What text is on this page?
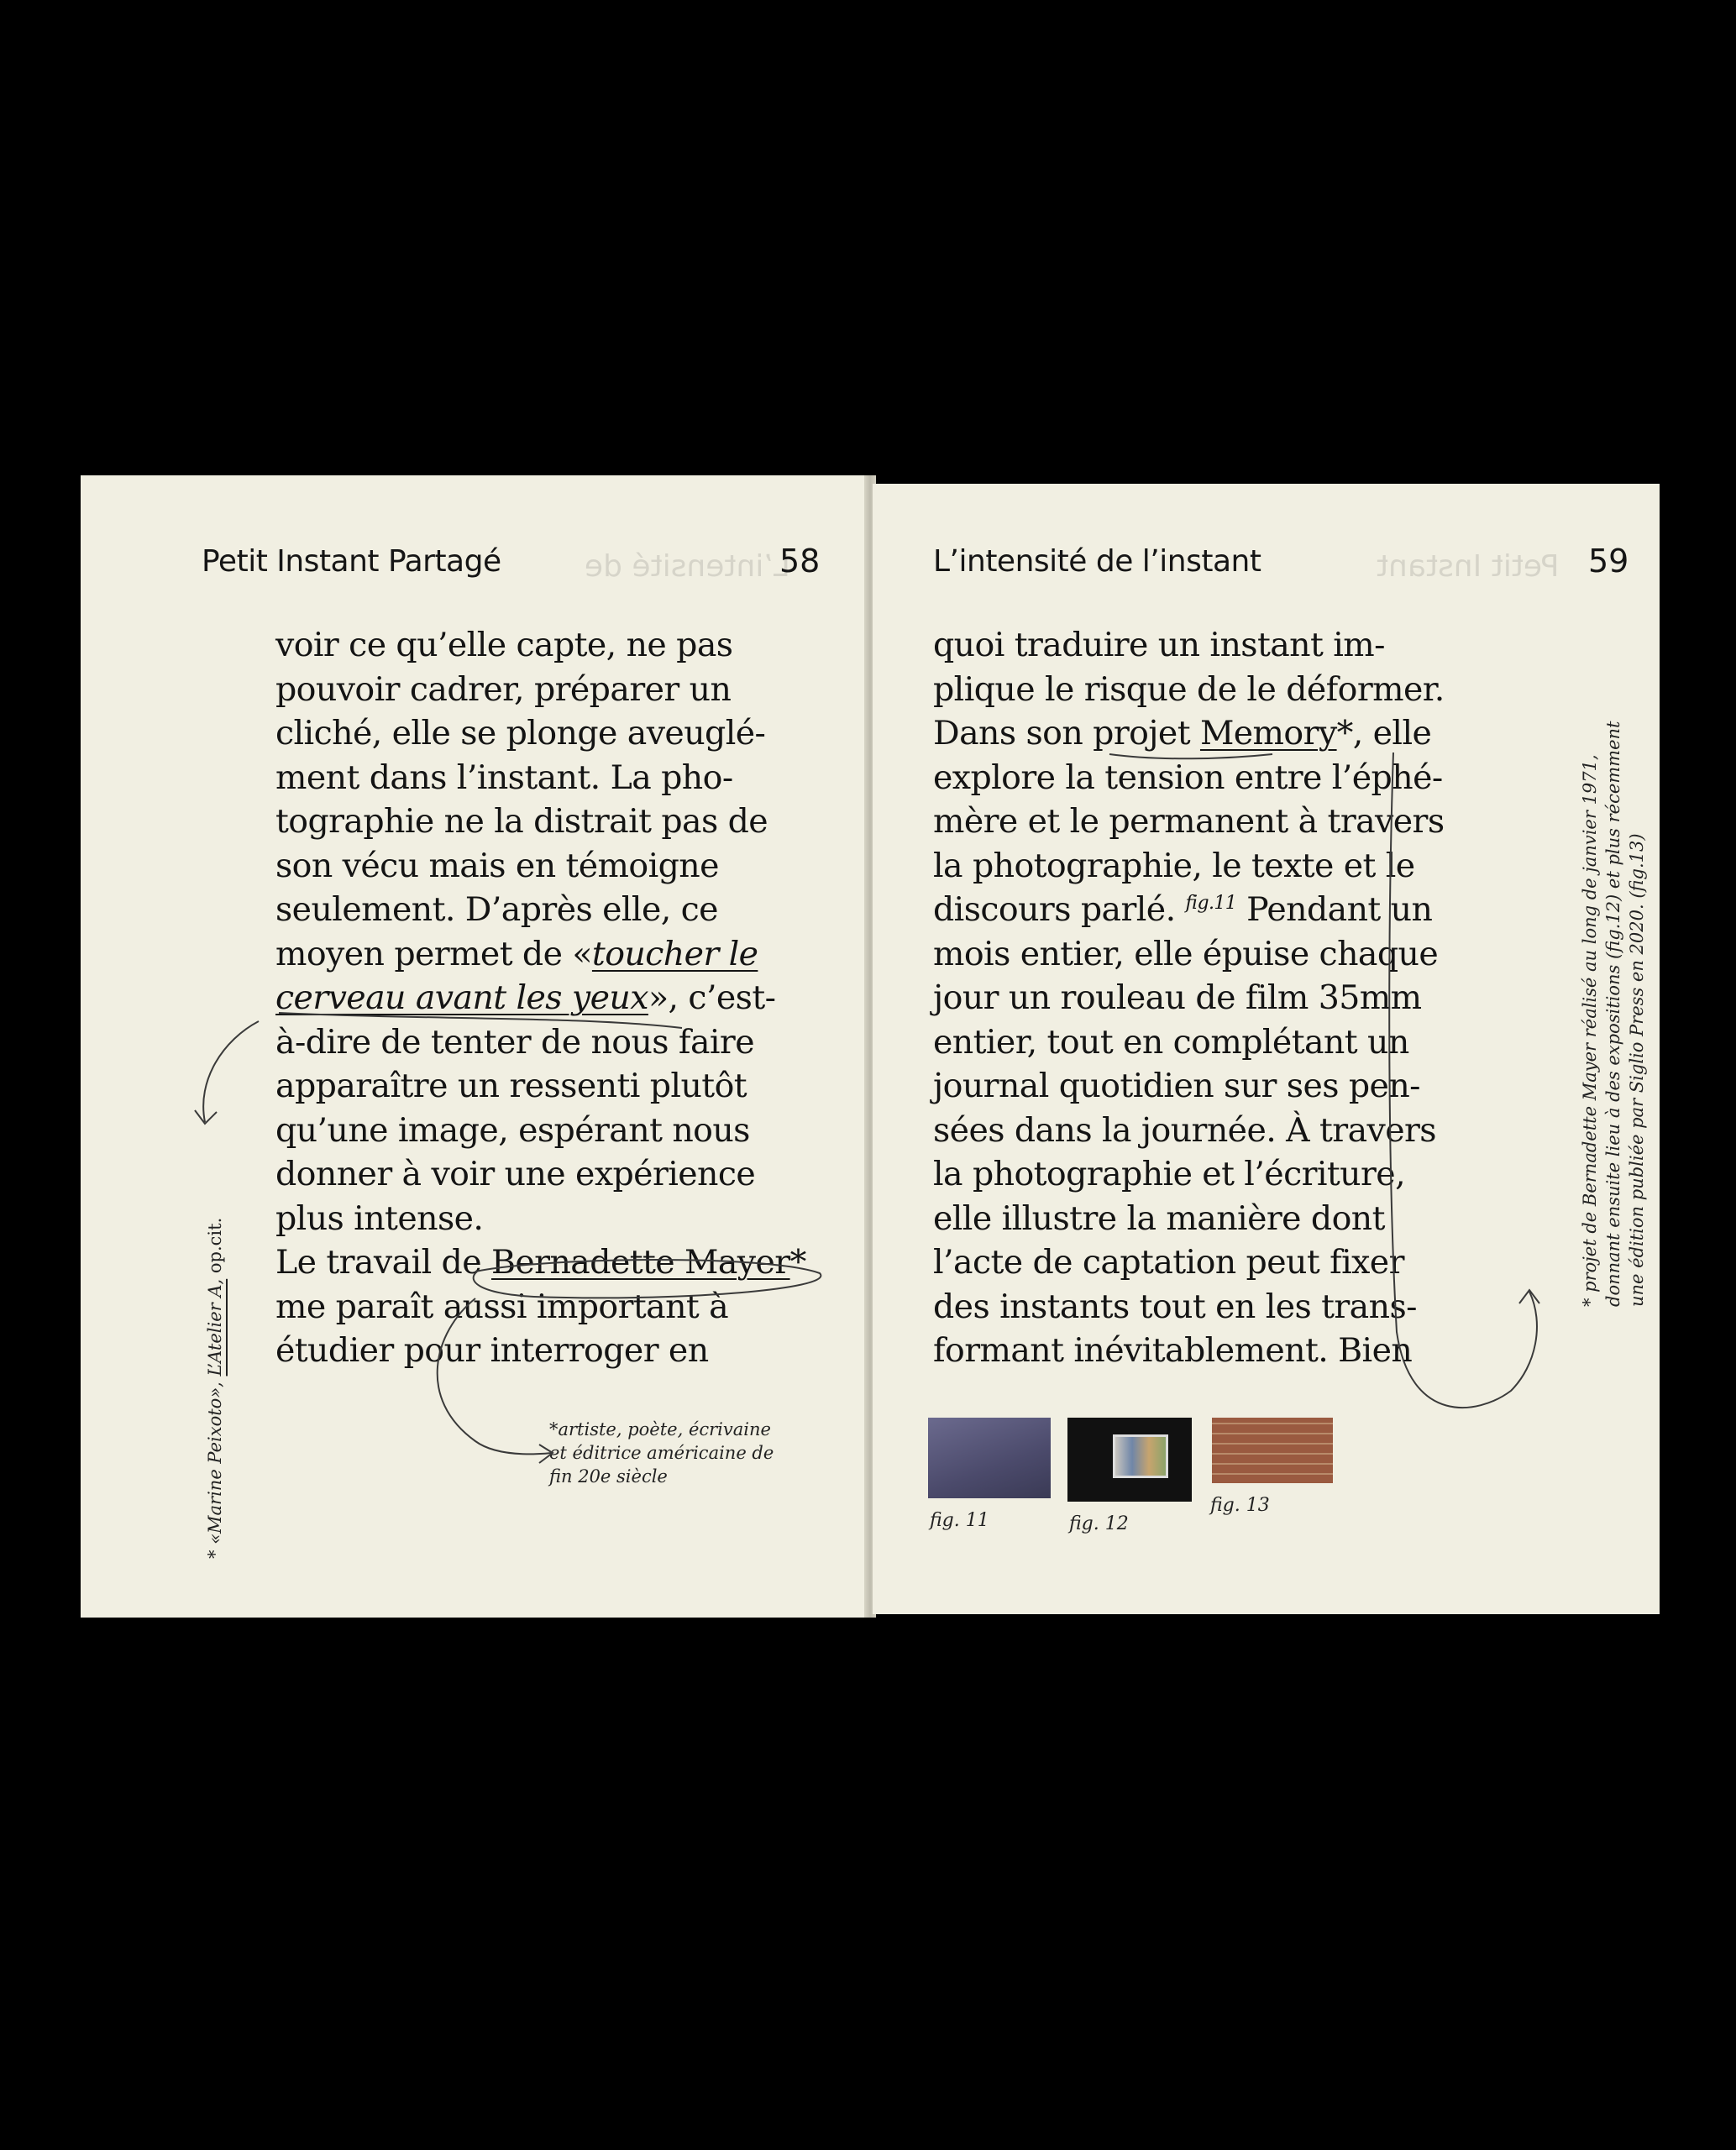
L’intensité de
Petit Instant Partagé	58
voir ce qu’elle capte, ne pas
pouvoir cadrer, préparer un
cliché, elle se plonge aveuglé-
ment dans l’instant. La pho-
tographie ne la distrait pas de
son vécu mais en témoigne
seulement. D’après elle, ce
moyen permet de «toucher le
cerveau avant les yeux», c’est-
à-dire de tenter de nous faire
apparaître un ressenti plutôt
qu’une image, espérant nous
donner à voir une expérience
plus intense.
Le travail de Bernadette Mayer*
me paraît aussi important à
étudier pour interroger en
*artiste, poète, écrivaine
et éditrice américaine de
fin 20e siècle
* «Marine Peixoto», L’Atelier A, op.cit.
Petit Instant
L’intensité de l’instant	59
quoi traduire un instant im-
plique le risque de le déformer.
Dans son projet Memory*, elle
explore la tension entre l’éphé-
mère et le permanent à travers
la photographie, le texte et le
discours parlé. $^{fig.11}$ Pendant un
mois entier, elle épuise chaque
jour un rouleau de film 35mm
entier, tout en complétant un
journal quotidien sur ses pen-
sées dans la journée. À travers
la photographie et l’écriture,
elle illustre la manière dont
l’acte de captation peut fixer
des instants tout en les trans-
formant inévitablement. Bien
* projet de Bernadette Mayer réalisé au long de janvier 1971, donnant ensuite lieu à des expositions (fig.12) et plus récemment une édition publiée par Siglio Press en 2020. (fig.13)
fig. 11	fig. 12
fig. 13
